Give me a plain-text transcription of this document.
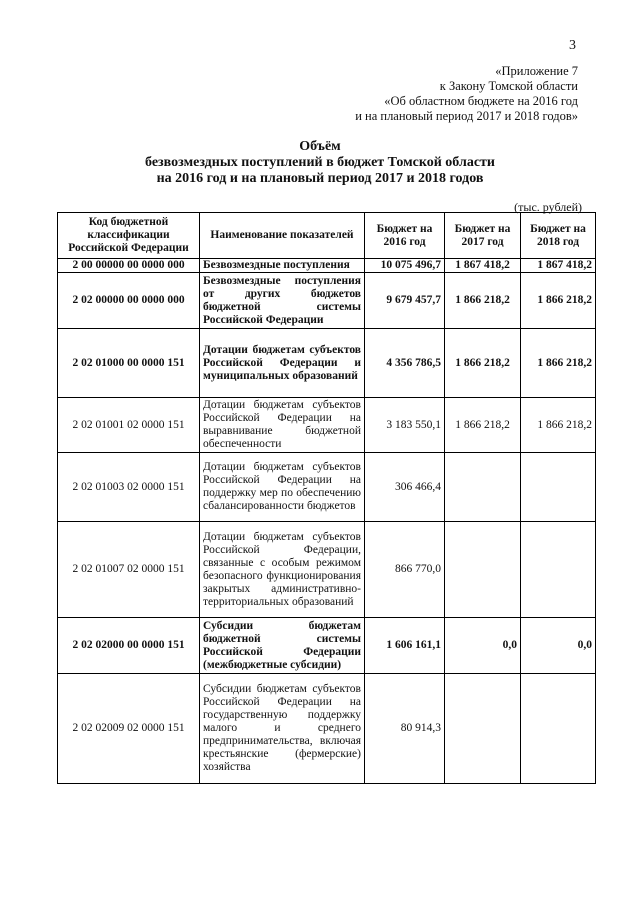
3
«Приложение 7
к Закону Томской области
«Об областном бюджете на 2016 год
и на плановый период 2017 и 2018 годов»
Объём
безвозмездных поступлений в бюджет Томской области
на 2016 год и на плановый период 2017 и 2018 годов
(тыс. рублей)
Код бюджетной классификации Российской Федерации	Наименование показателей	Бюджет на 2016 год	Бюджет на 2017 год	Бюджет на 2018 год
2 00 00000 00 0000 000	Безвозмездные поступления	10 075 496,7	1 867 418,2	1 867 418,2
2 02 00000 00 0000 000	Безвозмездные поступления от других бюджетов бюджетной системы Российской Федерации	9 679 457,7	1 866 218,2	1 866 218,2
2 02 01000 00 0000 151	Дотации бюджетам субъектов Российской Федерации и муниципальных образований	4 356 786,5	1 866 218,2	1 866 218,2
2 02 01001 02 0000 151	Дотации бюджетам субъектов Российской Федерации на выравнивание бюджетной обеспеченности	3 183 550,1	1 866 218,2	1 866 218,2
2 02 01003 02 0000 151	Дотации бюджетам субъектов Российской Федерации на поддержку мер по обеспечению сбалансированности бюджетов	306 466,4		
2 02 01007 02 0000 151	Дотации бюджетам субъектов Российской Федерации, связанные с особым режимом безопасного функционирования закрытых административно-территориальных образований	866 770,0		
2 02 02000 00 0000 151	Субсидии бюджетам бюджетной системы Российской Федерации (межбюджетные субсидии)	1 606 161,1	0,0	0,0
2 02 02009 02 0000 151	Субсидии бюджетам субъектов Российской Федерации на государственную поддержку малого и среднего предпринимательства, включая крестьянские (фермерские) хозяйства	80 914,3		
